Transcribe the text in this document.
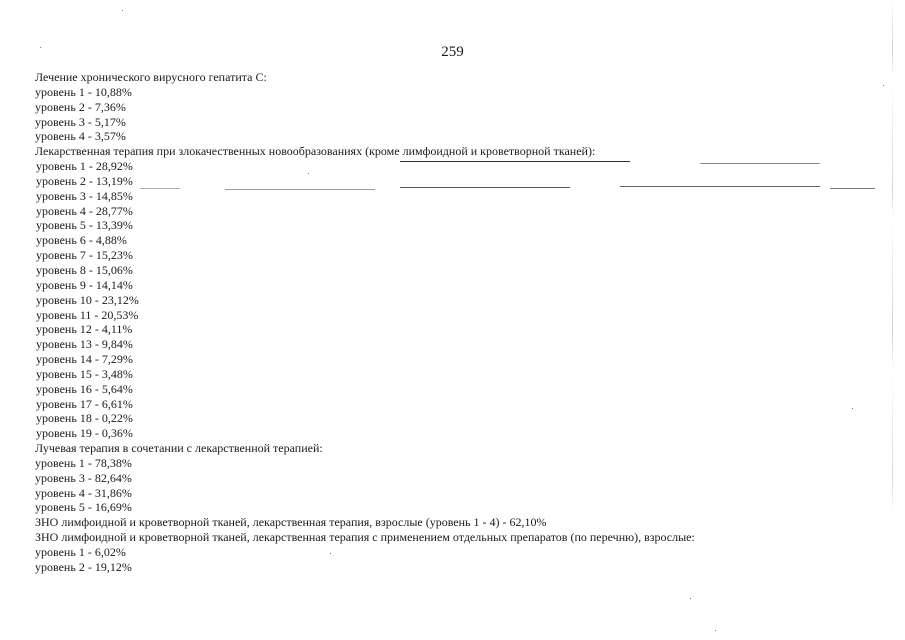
259
Лечение хронического вирусного гепатита С:
уровень 1 - 10,88%
уровень 2 - 7,36%
уровень 3 - 5,17%
уровень 4 - 3,57%
Лекарственная терапия при злокачественных новообразованиях (кроме лимфоидной и кроветворной тканей):
уровень 1 - 28,92%
уровень 2 - 13,19%
уровень 3 - 14,85%
уровень 4 - 28,77%
уровень 5 - 13,39%
уровень 6 - 4,88%
уровень 7 - 15,23%
уровень 8 - 15,06%
уровень 9 - 14,14%
уровень 10 - 23,12%
уровень 11 - 20,53%
уровень 12 - 4,11%
уровень 13 - 9,84%
уровень 14 - 7,29%
уровень 15 - 3,48%
уровень 16 - 5,64%
уровень 17 - 6,61%
уровень 18 - 0,22%
уровень 19 - 0,36%
Лучевая терапия в сочетании с лекарственной терапией:
уровень 1 - 78,38%
уровень 3 - 82,64%
уровень 4 - 31,86%
уровень 5 - 16,69%
ЗНО лимфоидной и кроветворной тканей, лекарственная терапия, взрослые (уровень 1 - 4) - 62,10%
ЗНО лимфоидной и кроветворной тканей, лекарственная терапия с применением отдельных препаратов (по перечню), взрослые:
уровень 1 - 6,02%
уровень 2 - 19,12%
